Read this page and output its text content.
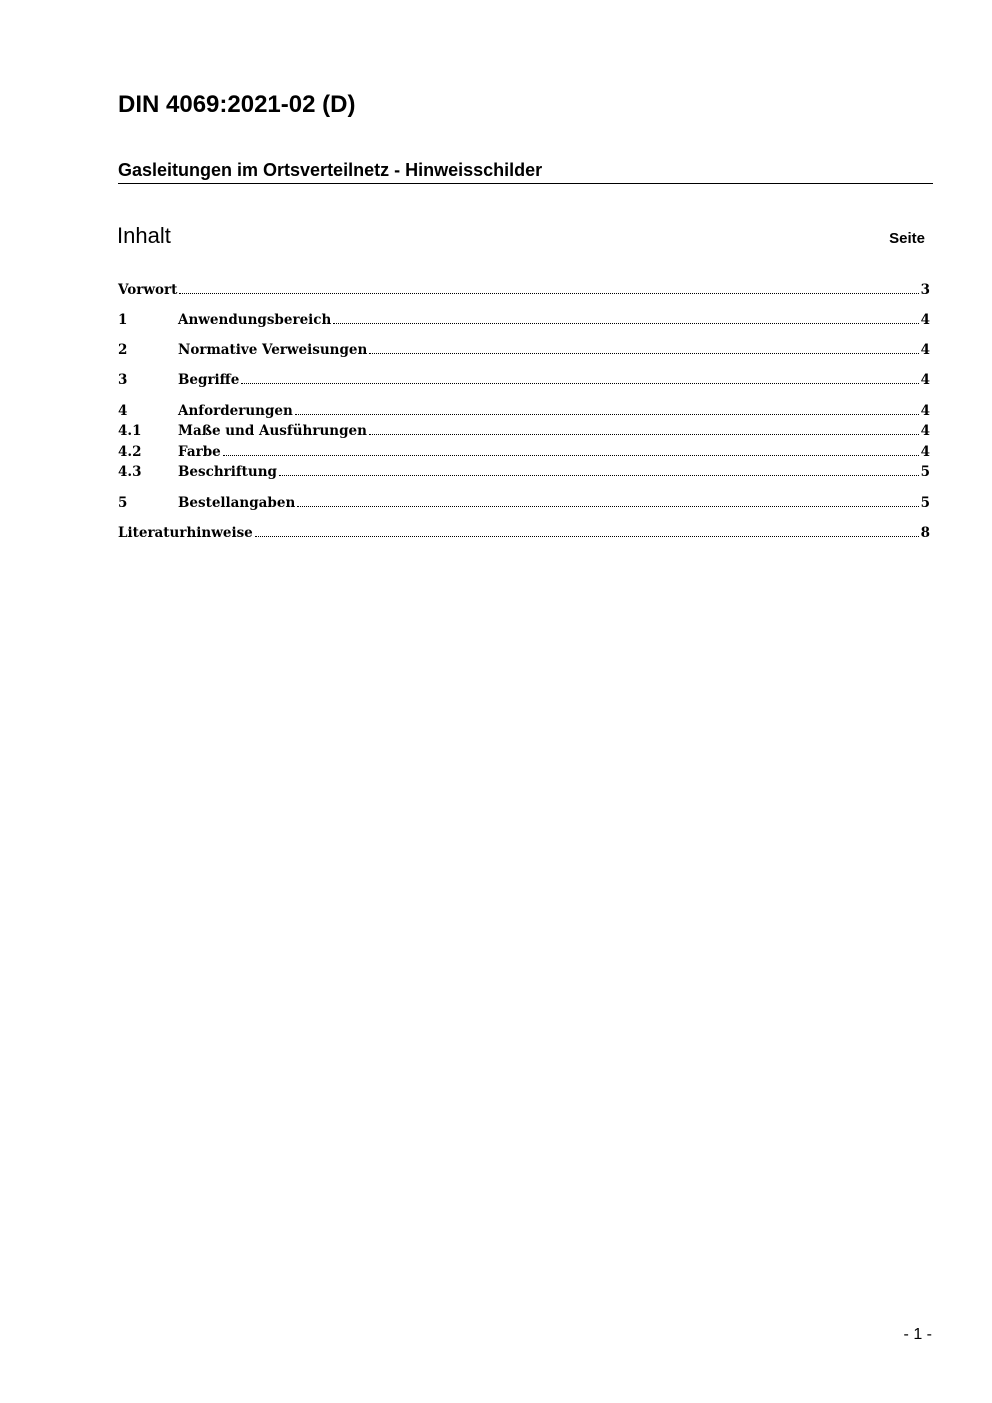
DIN 4069:2021-02 (D)
Gasleitungen im Ortsverteilnetz - Hinweisschilder
Inhalt	Seite
Vorwort	3
1	Anwendungsbereich	4
2	Normative Verweisungen	4
3	Begriffe	4
4	Anforderungen	4
4.1	Maße und Ausführungen	4
4.2	Farbe	4
4.3	Beschriftung	5
5	Bestellangaben	5
Literaturhinweise	8
- 1 -
